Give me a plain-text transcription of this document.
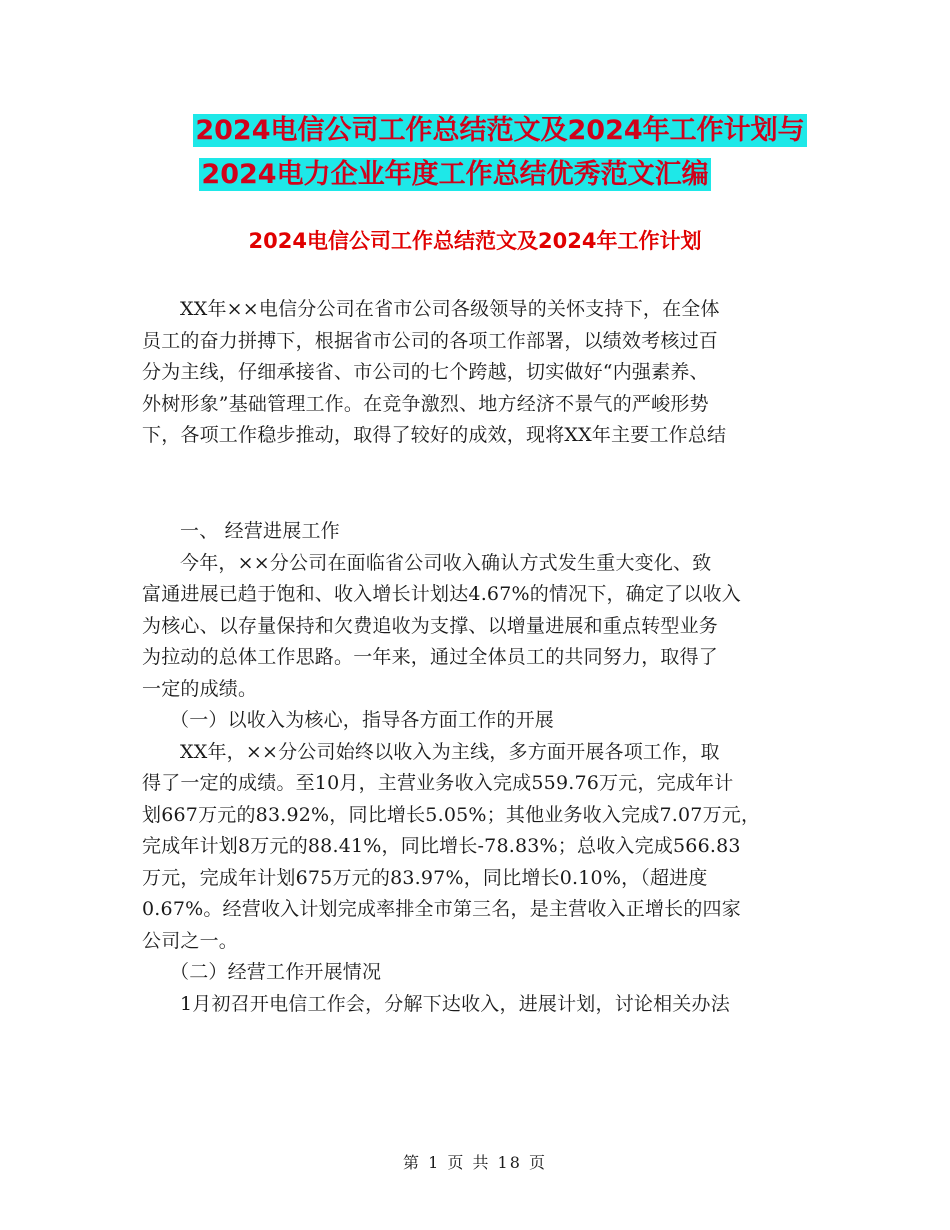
2024电信公司工作总结范文及2024年工作计划与
2024电力企业年度工作总结优秀范文汇编
2024电信公司工作总结范文及2024年工作计划
XX年××电信分公司在省市公司各级领导的关怀支持下，在全体
员工的奋力拼搏下，根据省市公司的各项工作部署，以绩效考核过百
分为主线，仔细承接省、市公司的七个跨越，切实做好“内强素养、
外树形象”基础管理工作。在竞争激烈、地方经济不景气的严峻形势
下，各项工作稳步推动，取得了较好的成效，现将XX年主要工作总结
一、 经营进展工作
今年，××分公司在面临省公司收入确认方式发生重大变化、致
富通进展已趋于饱和、收入增长计划达4.67%的情况下，确定了以收入
为核心、以存量保持和欠费追收为支撑、以增量进展和重点转型业务
为拉动的总体工作思路。一年来，通过全体员工的共同努力，取得了
一定的成绩。
（一）以收入为核心，指导各方面工作的开展
XX年，××分公司始终以收入为主线，多方面开展各项工作，取
得了一定的成绩。至10月，主营业务收入完成559.76万元，完成年计
划667万元的83.92%，同比增长5.05%；其他业务收入完成7.07万元，
完成年计划8万元的88.41%，同比增长-78.83%；总收入完成566.83
万元，完成年计划675万元的83.97%，同比增长0.10%，（超进度
0.67%。经营收入计划完成率排全市第三名，是主营收入正增长的四家
公司之一。
（二）经营工作开展情况
1月初召开电信工作会，分解下达收入，进展计划，讨论相关办法
第 1 页 共 18 页
